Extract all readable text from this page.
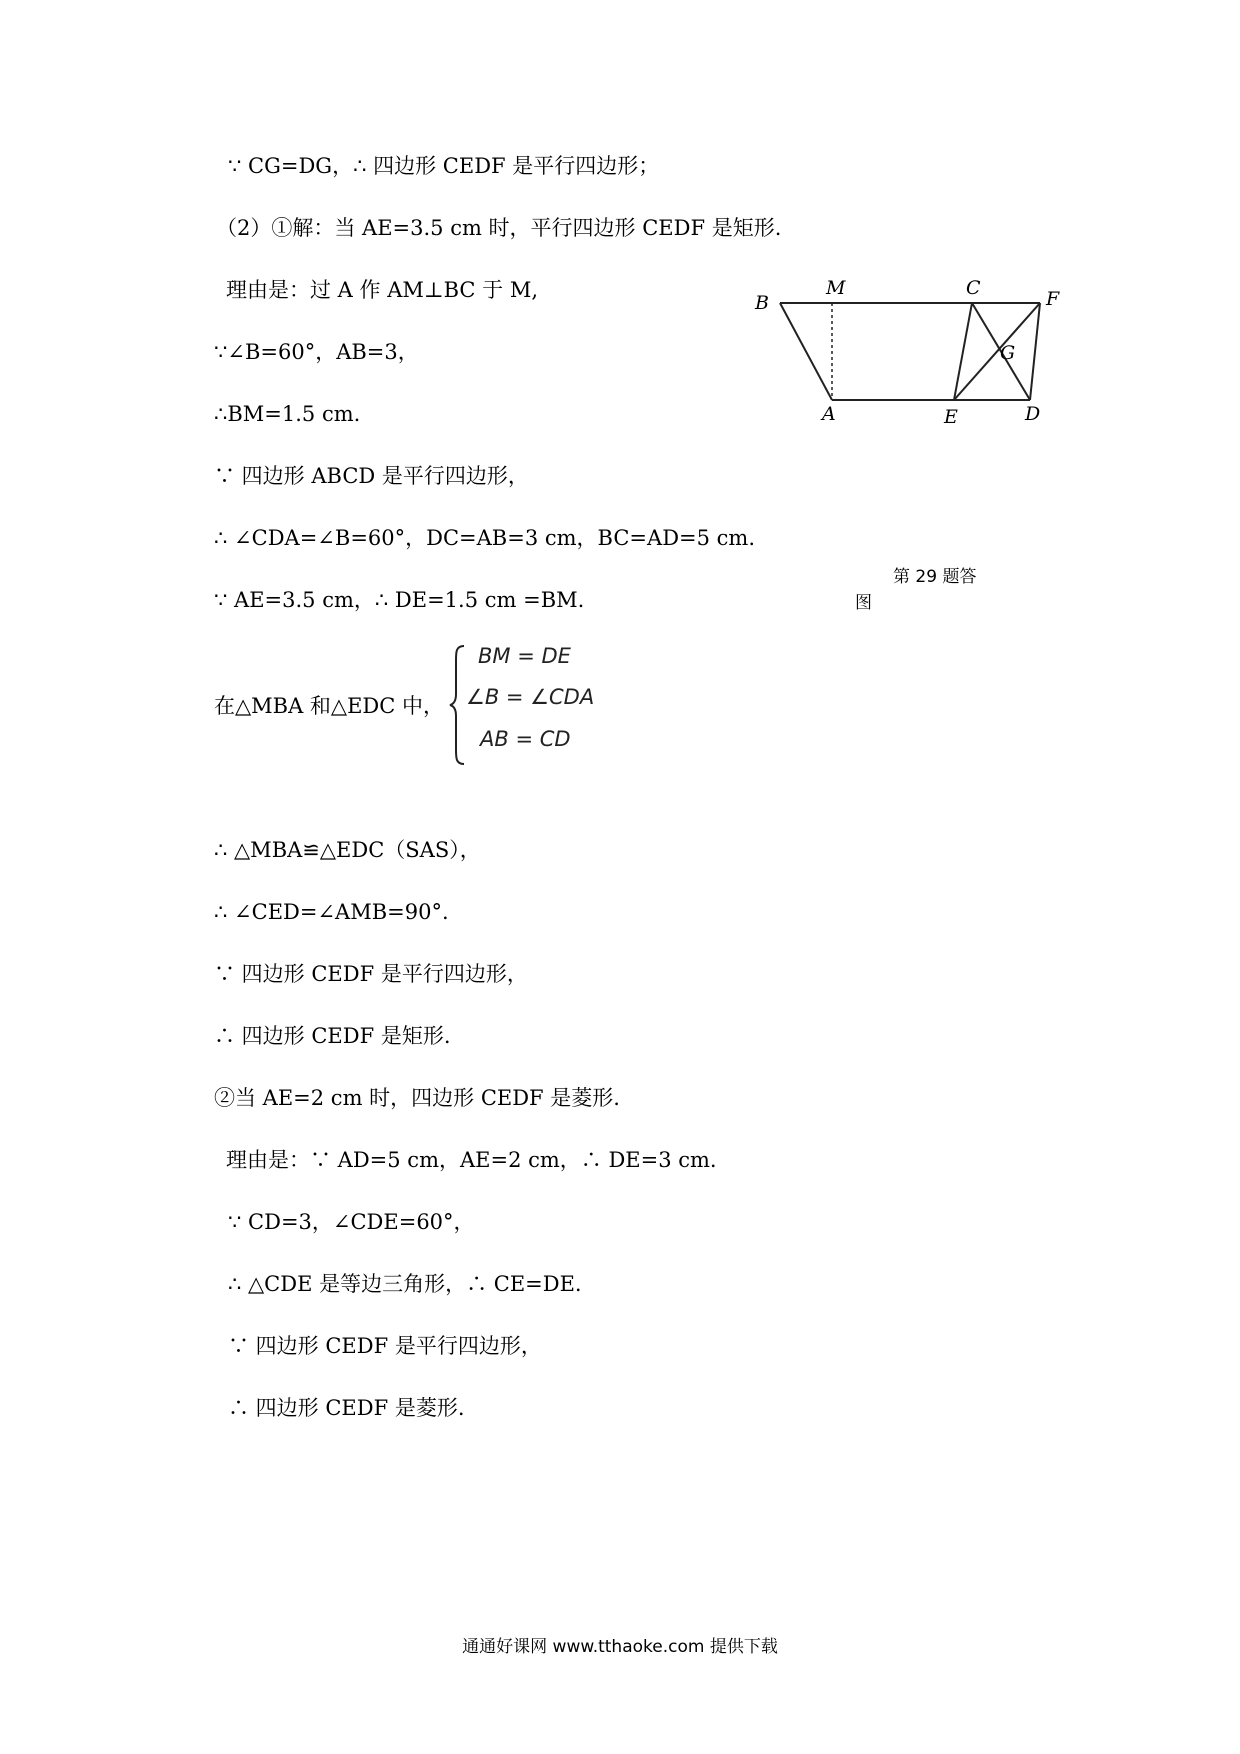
∵ CG=DG，∴ 四边形 CEDF 是平行四边形；
（2）①解：当 AE=3.5 cm 时，平行四边形 CEDF 是矩形.
理由是：过 A 作 AM⊥BC 于 M,
∵∠B=60°，AB=3，
∴BM=1.5 cm.
∵ 四边形 ABCD 是平行四边形，
∴ ∠CDA=∠B=60°，DC=AB=3 cm，BC=AD=5 cm.
∵ AE=3.5 cm，∴ DE=1.5 cm =BM.
在△MBA 和△EDC 中，
BM = DE
∠B = ∠CDA
AB = CD
∴ △MBA≌△EDC（SAS），
∴ ∠CED=∠AMB=90°.
∵ 四边形 CEDF 是平行四边形，
∴ 四边形 CEDF 是矩形.
②当 AE=2 cm 时，四边形 CEDF 是菱形.
理由是：∵ AD=5 cm，AE=2 cm，∴ DE=3 cm.
∵ CD=3，∠CDE=60°，
∴ △CDE 是等边三角形，∴ CE=DE.
∵ 四边形 CEDF 是平行四边形，
∴ 四边形 CEDF 是菱形.
B
M	C	F
G
A	E	D
第 29 题答
图
通通好课网 www.tthaoke.com 提供下载
